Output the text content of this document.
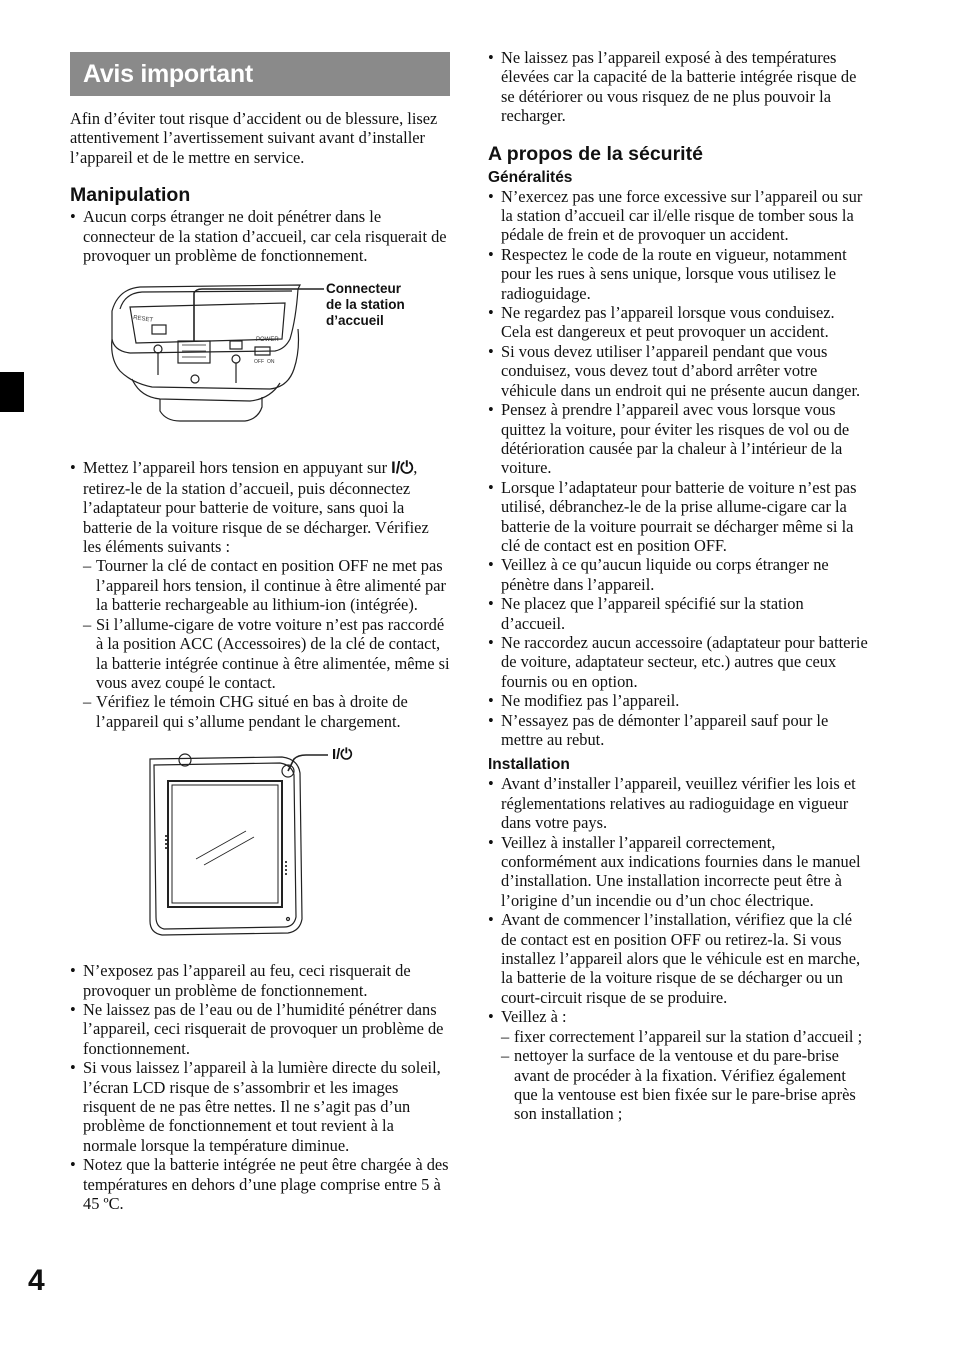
Avis important

Afin d’éviter tout risque d’accident ou de blessure, lisez attentivement l’avertissement suivant avant d’installer l’appareil et de le mettre en service.

Manipulation
• Aucun corps étranger ne doit pénétrer dans le connecteur de la station d’accueil, car cela risquerait de provoquer un problème de fonctionnement.
RESET
POWER
OFF ON
Connecteur
de la station
d’accueil
• Mettez l’appareil hors tension en appuyant sur I/⏻, retirez-le de la station d’accueil, puis déconnectez l’adaptateur pour batterie de voiture, sans quoi la batterie de la voiture risque de se décharger. Vérifiez les éléments suivants :
– Tourner la clé de contact en position OFF ne met pas l’appareil hors tension, il continue à être alimenté par la batterie rechargeable au lithium-ion (intégrée).
– Si l’allume-cigare de votre voiture n’est pas raccordé à la position ACC (Accessoires) de la clé de contact, la batterie intégrée continue à être alimentée, même si vous avez coupé le contact.
– Vérifiez le témoin CHG situé en bas à droite de l’appareil qui s’allume pendant le chargement.
I/⏻
• N’exposez pas l’appareil au feu, ceci risquerait de provoquer un problème de fonctionnement.
• Ne laissez pas de l’eau ou de l’humidité pénétrer dans l’appareil, ceci risquerait de provoquer un problème de fonctionnement.
• Si vous laissez l’appareil à la lumière directe du soleil, l’écran LCD risque de s’assombrir et les images risquent de ne pas être nettes. Il ne s’agit pas d’un problème de fonctionnement et tout revient à la normale lorsque la température diminue.
• Notez que la batterie intégrée ne peut être chargée à des températures en dehors d’une plage comprise entre 5 à 45 ºC.
• Ne laissez pas l’appareil exposé à des températures élevées car la capacité de la batterie intégrée risque de se détériorer ou vous risquez de ne plus pouvoir la recharger.
A propos de la sécurité
Généralités
• N’exercez pas une force excessive sur l’appareil ou sur la station d’accueil car il/elle risque de tomber sous la pédale de frein et de provoquer un accident.
• Respectez le code de la route en vigueur, notamment pour les rues à sens unique, lorsque vous utilisez le radioguidage.
• Ne regardez pas l’appareil lorsque vous conduisez. Cela est dangereux et peut provoquer un accident.
• Si vous devez utiliser l’appareil pendant que vous conduisez, vous devez tout d’abord arrêter votre véhicule dans un endroit qui ne présente aucun danger.
• Pensez à prendre l’appareil avec vous lorsque vous quittez la voiture, pour éviter les risques de vol ou de détérioration causée par la chaleur à l’intérieur de la voiture.
• Lorsque l’adaptateur pour batterie de voiture n’est pas utilisé, débranchez-le de la prise allume-cigare car la batterie de la voiture pourrait se décharger même si la clé de contact est en position OFF.
• Veillez à ce qu’aucun liquide ou corps étranger ne pénètre dans l’appareil.
• Ne placez que l’appareil spécifié sur la station d’accueil.
• Ne raccordez aucun accessoire (adaptateur pour batterie de voiture, adaptateur secteur, etc.) autres que ceux fournis ou en option.
• Ne modifiez pas l’appareil.
• N’essayez pas de démonter l’appareil sauf pour le mettre au rebut.
Installation
• Avant d’installer l’appareil, veuillez vérifier les lois et réglementations relatives au radioguidage en vigueur dans votre pays.
• Veillez à installer l’appareil correctement, conformément aux indications fournies dans le manuel d’installation. Une installation incorrecte peut être à l’origine d’un incendie ou d’un choc électrique.
• Avant de commencer l’installation, vérifiez que la clé de contact est en position OFF ou retirez-la. Si vous installez l’appareil alors que le véhicule est en marche, la batterie de la voiture risque de se décharger ou un court-circuit risque de se produire.
• Veillez à :
– fixer correctement l’appareil sur la station d’accueil ;
– nettoyer la surface de la ventouse et du pare-brise avant de procéder à la fixation. Vérifiez également que la ventouse est bien fixée sur le pare-brise après son installation ;
4
